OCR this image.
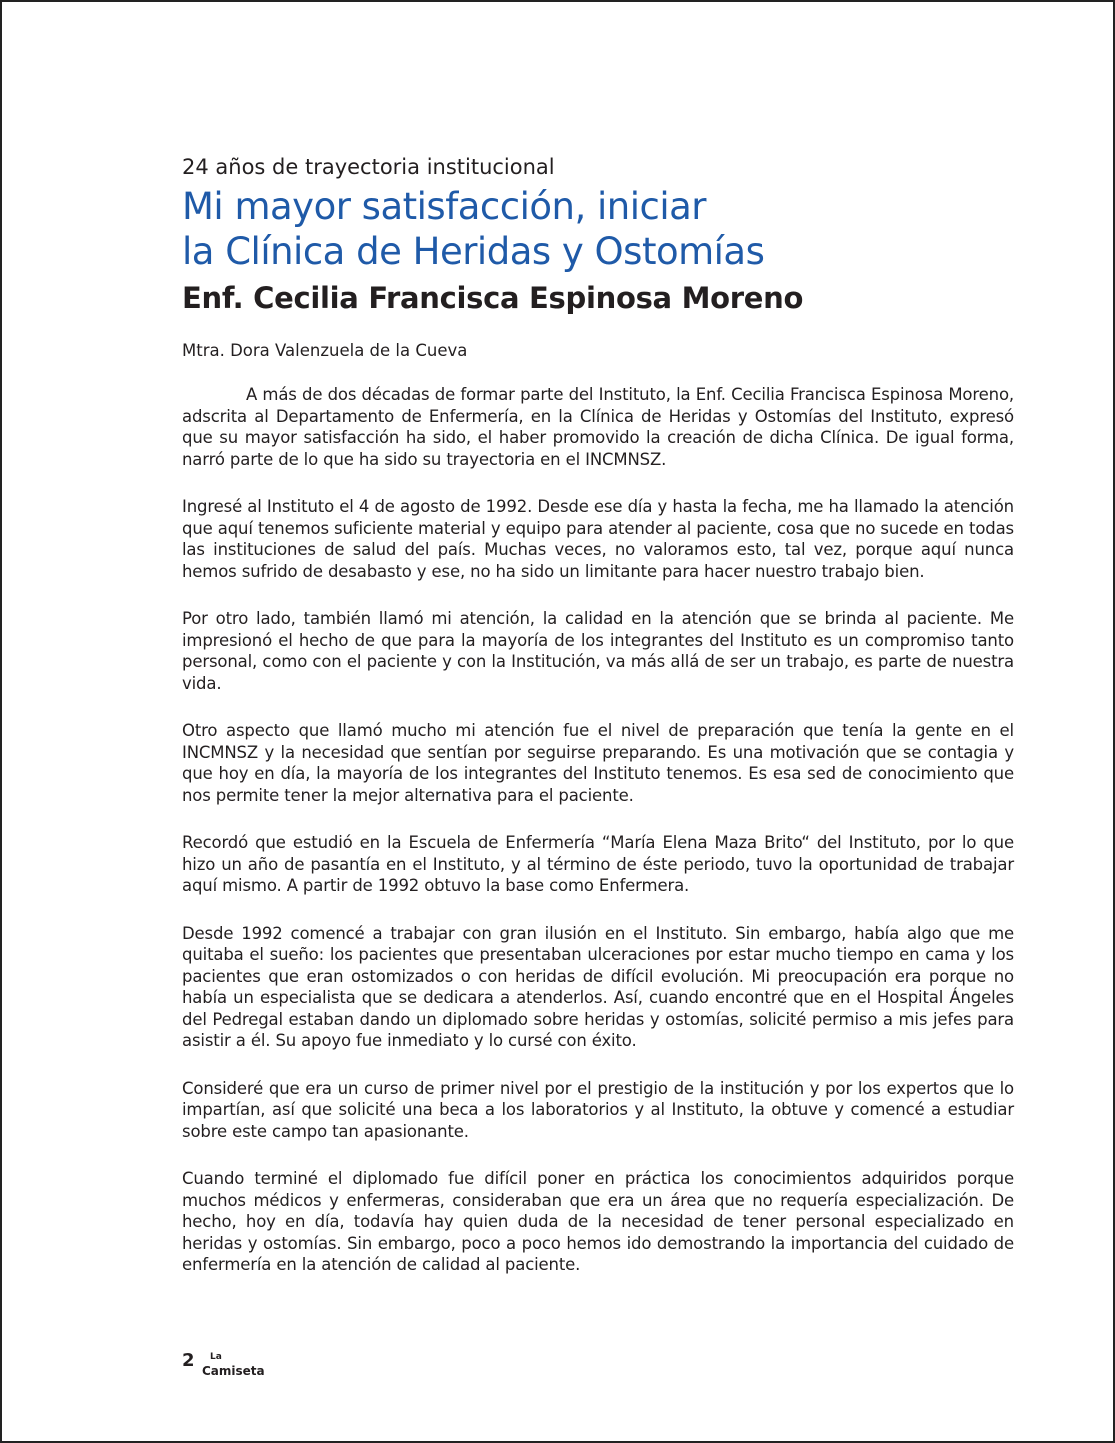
24 años de trayectoria institucional

Mi mayor satisfacción, iniciar
la Clínica de Heridas y Ostomías
Enf. Cecilia Francisca Espinosa Moreno

Mtra. Dora Valenzuela de la Cueva

A más de dos décadas de formar parte del Instituto, la Enf. Cecilia Francisca Espinosa Moreno, adscrita al Departamento de Enfermería, en la Clínica de Heridas y Ostomías del Instituto, expresó que su mayor satisfacción ha sido, el haber promovido la creación de dicha Clínica. De igual forma, narró parte de lo que ha sido su trayectoria en el INCMNSZ.

Ingresé al Instituto el 4 de agosto de 1992. Desde ese día y hasta la fecha, me ha llamado la atención que aquí tenemos suficiente material y equipo para atender al paciente, cosa que no sucede en todas las instituciones de salud del país. Muchas veces, no valoramos esto, tal vez, porque aquí nunca hemos sufrido de desabasto y ese, no ha sido un limitante para hacer nuestro trabajo bien.

Por otro lado, también llamó mi atención, la calidad en la atención que se brinda al paciente. Me impresionó el hecho de que para la mayoría de los integrantes del Instituto es un compromiso tanto personal, como con el paciente y con la Institución, va más allá de ser un trabajo, es parte de nuestra vida.

Otro aspecto que llamó mucho mi atención fue el nivel de preparación que tenía la gente en el INCMNSZ y la necesidad que sentían por seguirse preparando. Es una motivación que se contagia y que hoy en día, la mayoría de los integrantes del Instituto tenemos. Es esa sed de conocimiento que nos permite tener la mejor alternativa para el paciente.

Recordó que estudió en la Escuela de Enfermería “María Elena Maza Brito“ del Instituto, por lo que hizo un año de pasantía en el Instituto, y al término de éste periodo, tuvo la oportunidad de trabajar aquí mismo. A partir de 1992 obtuvo la base como Enfermera.

Desde 1992 comencé a trabajar con gran ilusión en el Instituto. Sin embargo, había algo que me quitaba el sueño: los pacientes que presentaban ulceraciones por estar mucho tiempo en cama y los pacientes que eran ostomizados o con heridas de difícil evolución. Mi preocupación era porque no había un especialista que se dedicara a atenderlos. Así, cuando encontré que en el Hospital Ángeles del Pedregal estaban dando un diplomado sobre heridas y ostomías, solicité permiso a mis jefes para asistir a él. Su apoyo fue inmediato y lo cursé con éxito.

Consideré que era un curso de primer nivel por el prestigio de la institución y por los expertos que lo impartían, así que solicité una beca a los laboratorios y al Instituto, la obtuve y comencé a estudiar sobre este campo tan apasionante.

Cuando terminé el diplomado fue difícil poner en práctica los conocimientos adquiridos porque muchos médicos y enfermeras, consideraban que era un área que no requería especialización. De hecho, hoy en día, todavía hay quien duda de la necesidad de tener personal especializado en heridas y ostomías. Sin embargo, poco a poco hemos ido demostrando la importancia del cuidado de enfermería en la atención de calidad al paciente.

2 La
Camiseta
